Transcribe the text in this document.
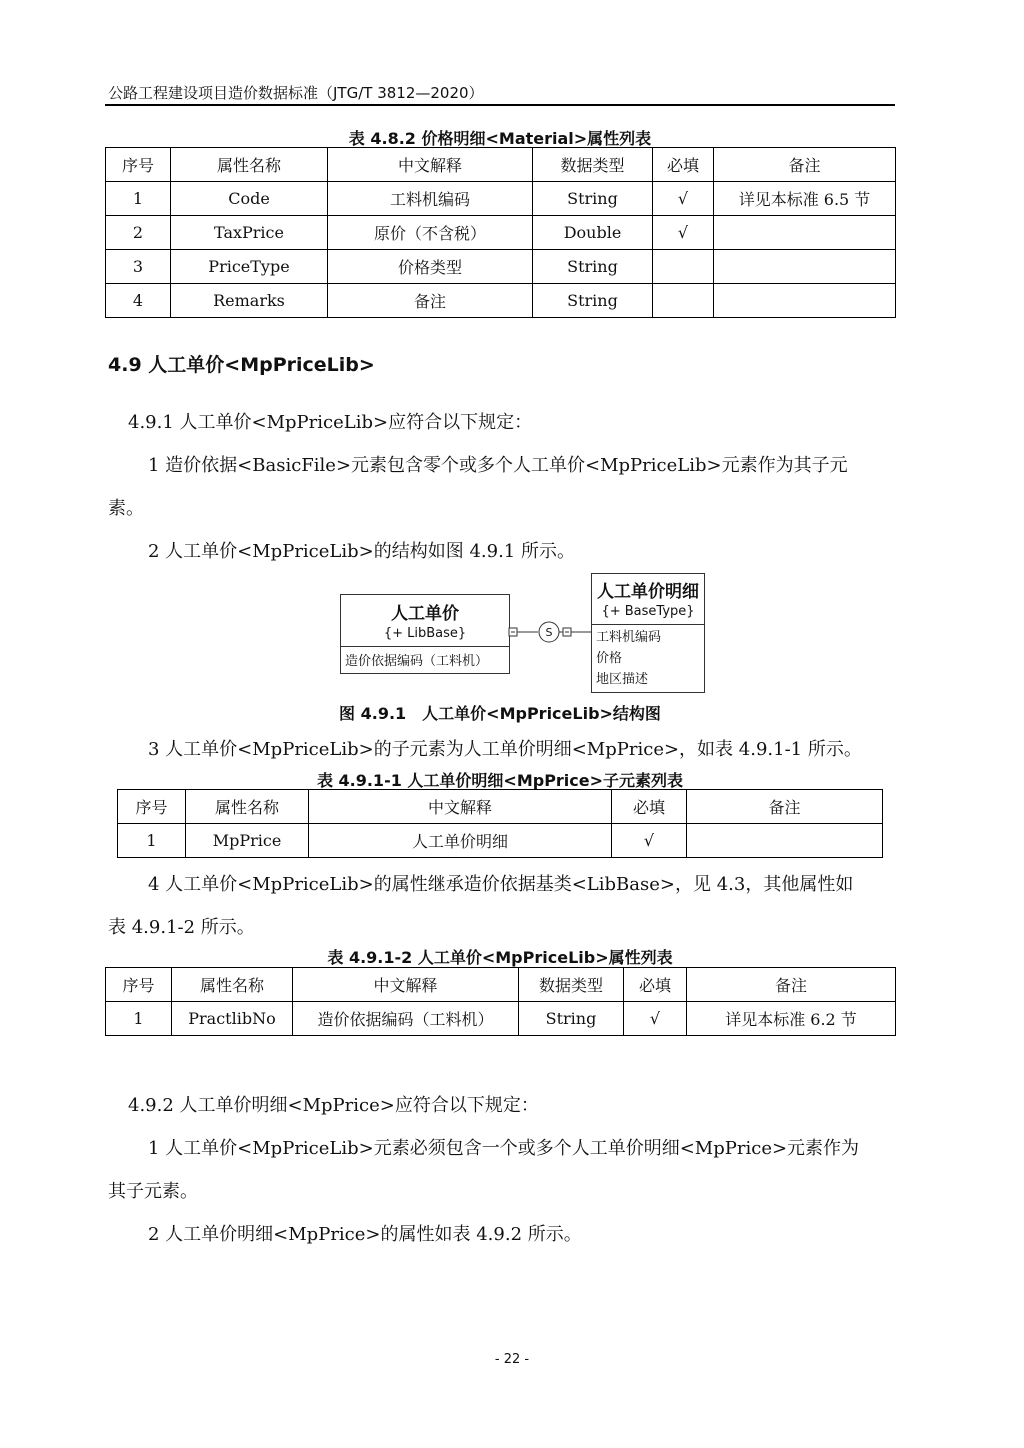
公路工程建设项目造价数据标准（JTG/T 3812—2020）
表 4.8.2 价格明细<Material>属性列表
序号	属性名称	中文解释	数据类型	必填	备注
1	Code	工料机编码	String	√	详见本标准 6.5 节
2	TaxPrice	原价（不含税）	Double	√	
3	PriceType	价格类型	String		
4	Remarks	备注	String		
4.9 人工单价<MpPriceLib>
4.9.1 人工单价<MpPriceLib>应符合以下规定：
1 造价依据<BasicFile>元素包含零个或多个人工单价<MpPriceLib>元素作为其子元
素。
2 人工单价<MpPriceLib>的结构如图 4.9.1 所示。
人工单价
{+ LibBase}
造价依据编码（工料机）
S
人工单价明细
{+ BaseType}
工料机编码
价格
地区描述
图 4.9.1　人工单价<MpPriceLib>结构图
3 人工单价<MpPriceLib>的子元素为人工单价明细<MpPrice>，如表 4.9.1-1 所示。
表 4.9.1-1 人工单价明细<MpPrice>子元素列表
序号	属性名称	中文解释	必填	备注
1	MpPrice	人工单价明细	√	
4 人工单价<MpPriceLib>的属性继承造价依据基类<LibBase>，见 4.3，其他属性如
表 4.9.1-2 所示。
表 4.9.1-2 人工单价<MpPriceLib>属性列表
序号	属性名称	中文解释	数据类型	必填	备注
1	PractlibNo	造价依据编码（工料机）	String	√	详见本标准 6.2 节
4.9.2 人工单价明细<MpPrice>应符合以下规定：
1 人工单价<MpPriceLib>元素必须包含一个或多个人工单价明细<MpPrice>元素作为
其子元素。
2 人工单价明细<MpPrice>的属性如表 4.9.2 所示。
- 22 -
